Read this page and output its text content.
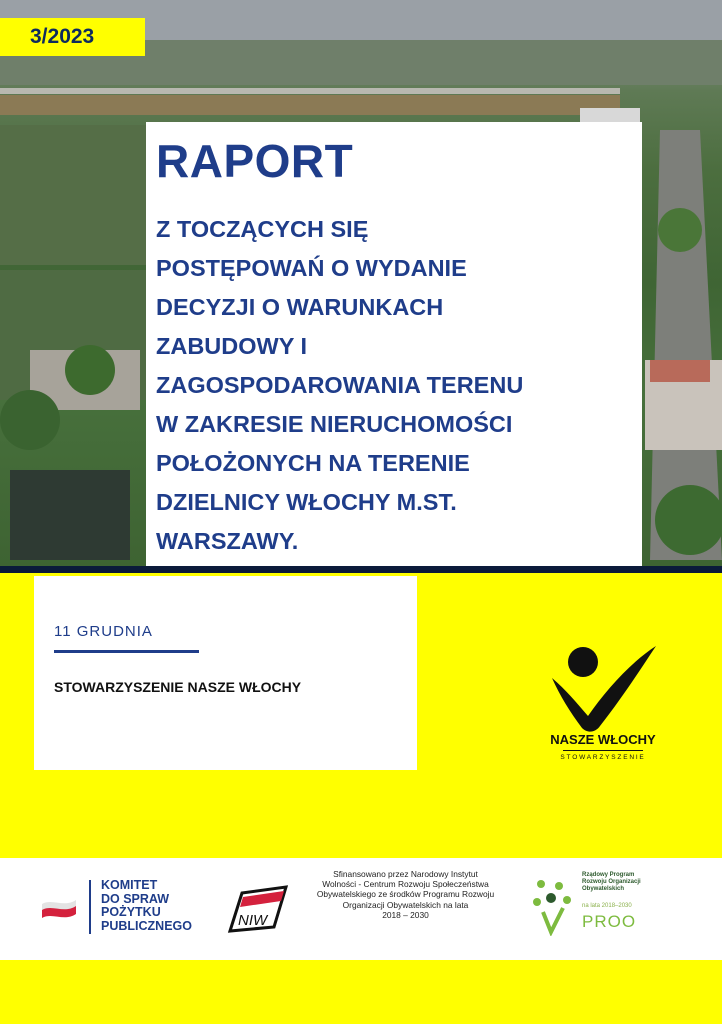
3/2023
RAPORT
Z TOCZĄCYCH SIĘ
POSTĘPOWAŃ O WYDANIE
DECYZJI O WARUNKACH
ZABUDOWY I
ZAGOSPODAROWANIA TERENU
W ZAKRESIE NIERUCHOMOŚCI
POŁOŻONYCH NA TERENIE
DZIELNICY WŁOCHY M.ST.
WARSZAWY.
11 GRUDNIA
STOWARZYSZENIE NASZE WŁOCHY
NASZE WŁOCHY
STOWARZYSZENIE
KOMITET
DO SPRAW
POŻYTKU
PUBLICZNEGO	NIW
Sfinansowano przez Narodowy Instytut
Wolności - Centrum Rozwoju Społeczeństwa
Obywatelskiego ze środków Programu Rozwoju
Organizacji Obywatelskich na lata
2018 – 2030
Rządowy Program
Rozwoju Organizacji
Obywatelskich
na lata 2018–2030
PROO
